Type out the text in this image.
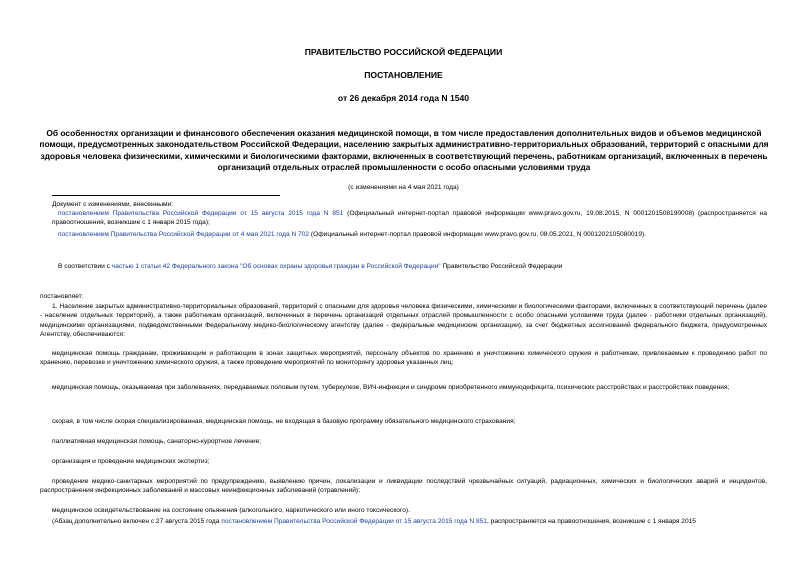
ПРАВИТЕЛЬСТВО РОССИЙСКОЙ ФЕДЕРАЦИИ
ПОСТАНОВЛЕНИЕ
от 26 декабря 2014 года N 1540
Об особенностях организации и финансового обеспечения оказания медицинской помощи, в том числе предоставления дополнительных видов и объемов медицинской помощи, предусмотренных законодательством Российской Федерации, населению закрытых административно-территориальных образований, территорий с опасными для здоровья человека физическими, химическими и биологическими факторами, включенных в соответствующий перечень, работникам организаций, включенных в перечень организаций отдельных отраслей промышленности с особо опасными условиями труда
(с изменениями на 4 мая 2021 года)
Документ с изменениями, внесенными:
постановлением Правительства Российской Федерации от 15 августа 2015 года N 851 (Официальный интернет-портал правовой информации www.pravo.gov.ru, 19.08.2015, N 0001201508190008) (распространяется на правоотношения, возникшие с 1 января 2015 года);
постановлением Правительства Российской Федерации от 4 мая 2021 года N 702 (Официальный интернет-портал правовой информации www.pravo.gov.ru, 08.05.2021, N 0001202105080019).
В соответствии с частью 1 статьи 42 Федерального закона "Об основах охраны здоровья граждан в Российской Федерации" Правительство Российской Федерации
постановляет:
1. Население закрытых административно-территориальных образований, территорий с опасными для здоровья человека физическими, химическими и биологическими факторами, включенных в соответствующий перечень (далее - население отдельных территорий), а также работникам организаций, включенных в перечень организаций отдельных отраслей промышленности с особо опасными условиями труда (далее - работники отдельных организаций), медицинскими организациями, подведомственными Федеральному медико-биологическому агентству (далее - федеральные медицинские организации), за счет бюджетных ассигнований федерального бюджета, предусмотренных Агентству, обеспечиваются:
медицинская помощь гражданам, проживающим и работающим в зонах защитных мероприятий, персоналу объектов по хранению и уничтожению химического оружия и работникам, привлекаемым к проведению работ по хранению, перевозке и уничтожению химического оружия, а также проведение мероприятий по мониторингу здоровья указанных лиц;
медицинская помощь, оказываемая при заболеваниях, передаваемых половым путем, туберкулезе, ВИЧ-инфекции и синдроме приобретенного иммунодефицита, психических расстройствах и расстройствах поведения;
скорая, в том числе скорая специализированная, медицинская помощь, не входящая в базовую программу обязательного медицинского страхования;
паллиативная медицинская помощь, санаторно-курортное лечение;
организация и проведение медицинских экспертиз;
проведение медико-санитарных мероприятий по предупреждению, выявлению причин, локализации и ликвидации последствий чрезвычайных ситуаций, радиационных, химических и биологических аварий и инцидентов, распространения инфекционных заболеваний и массовых неинфекционных заболеваний (отравлений);
медицинское освидетельствование на состояние опьянения (алкогольного, наркотического или иного токсического).
(Абзац дополнительно включен с 27 августа 2015 года постановлением Правительства Российской Федерации от 15 августа 2015 года N 851, распространяется на правоотношения, возникшие с 1 января 2015
